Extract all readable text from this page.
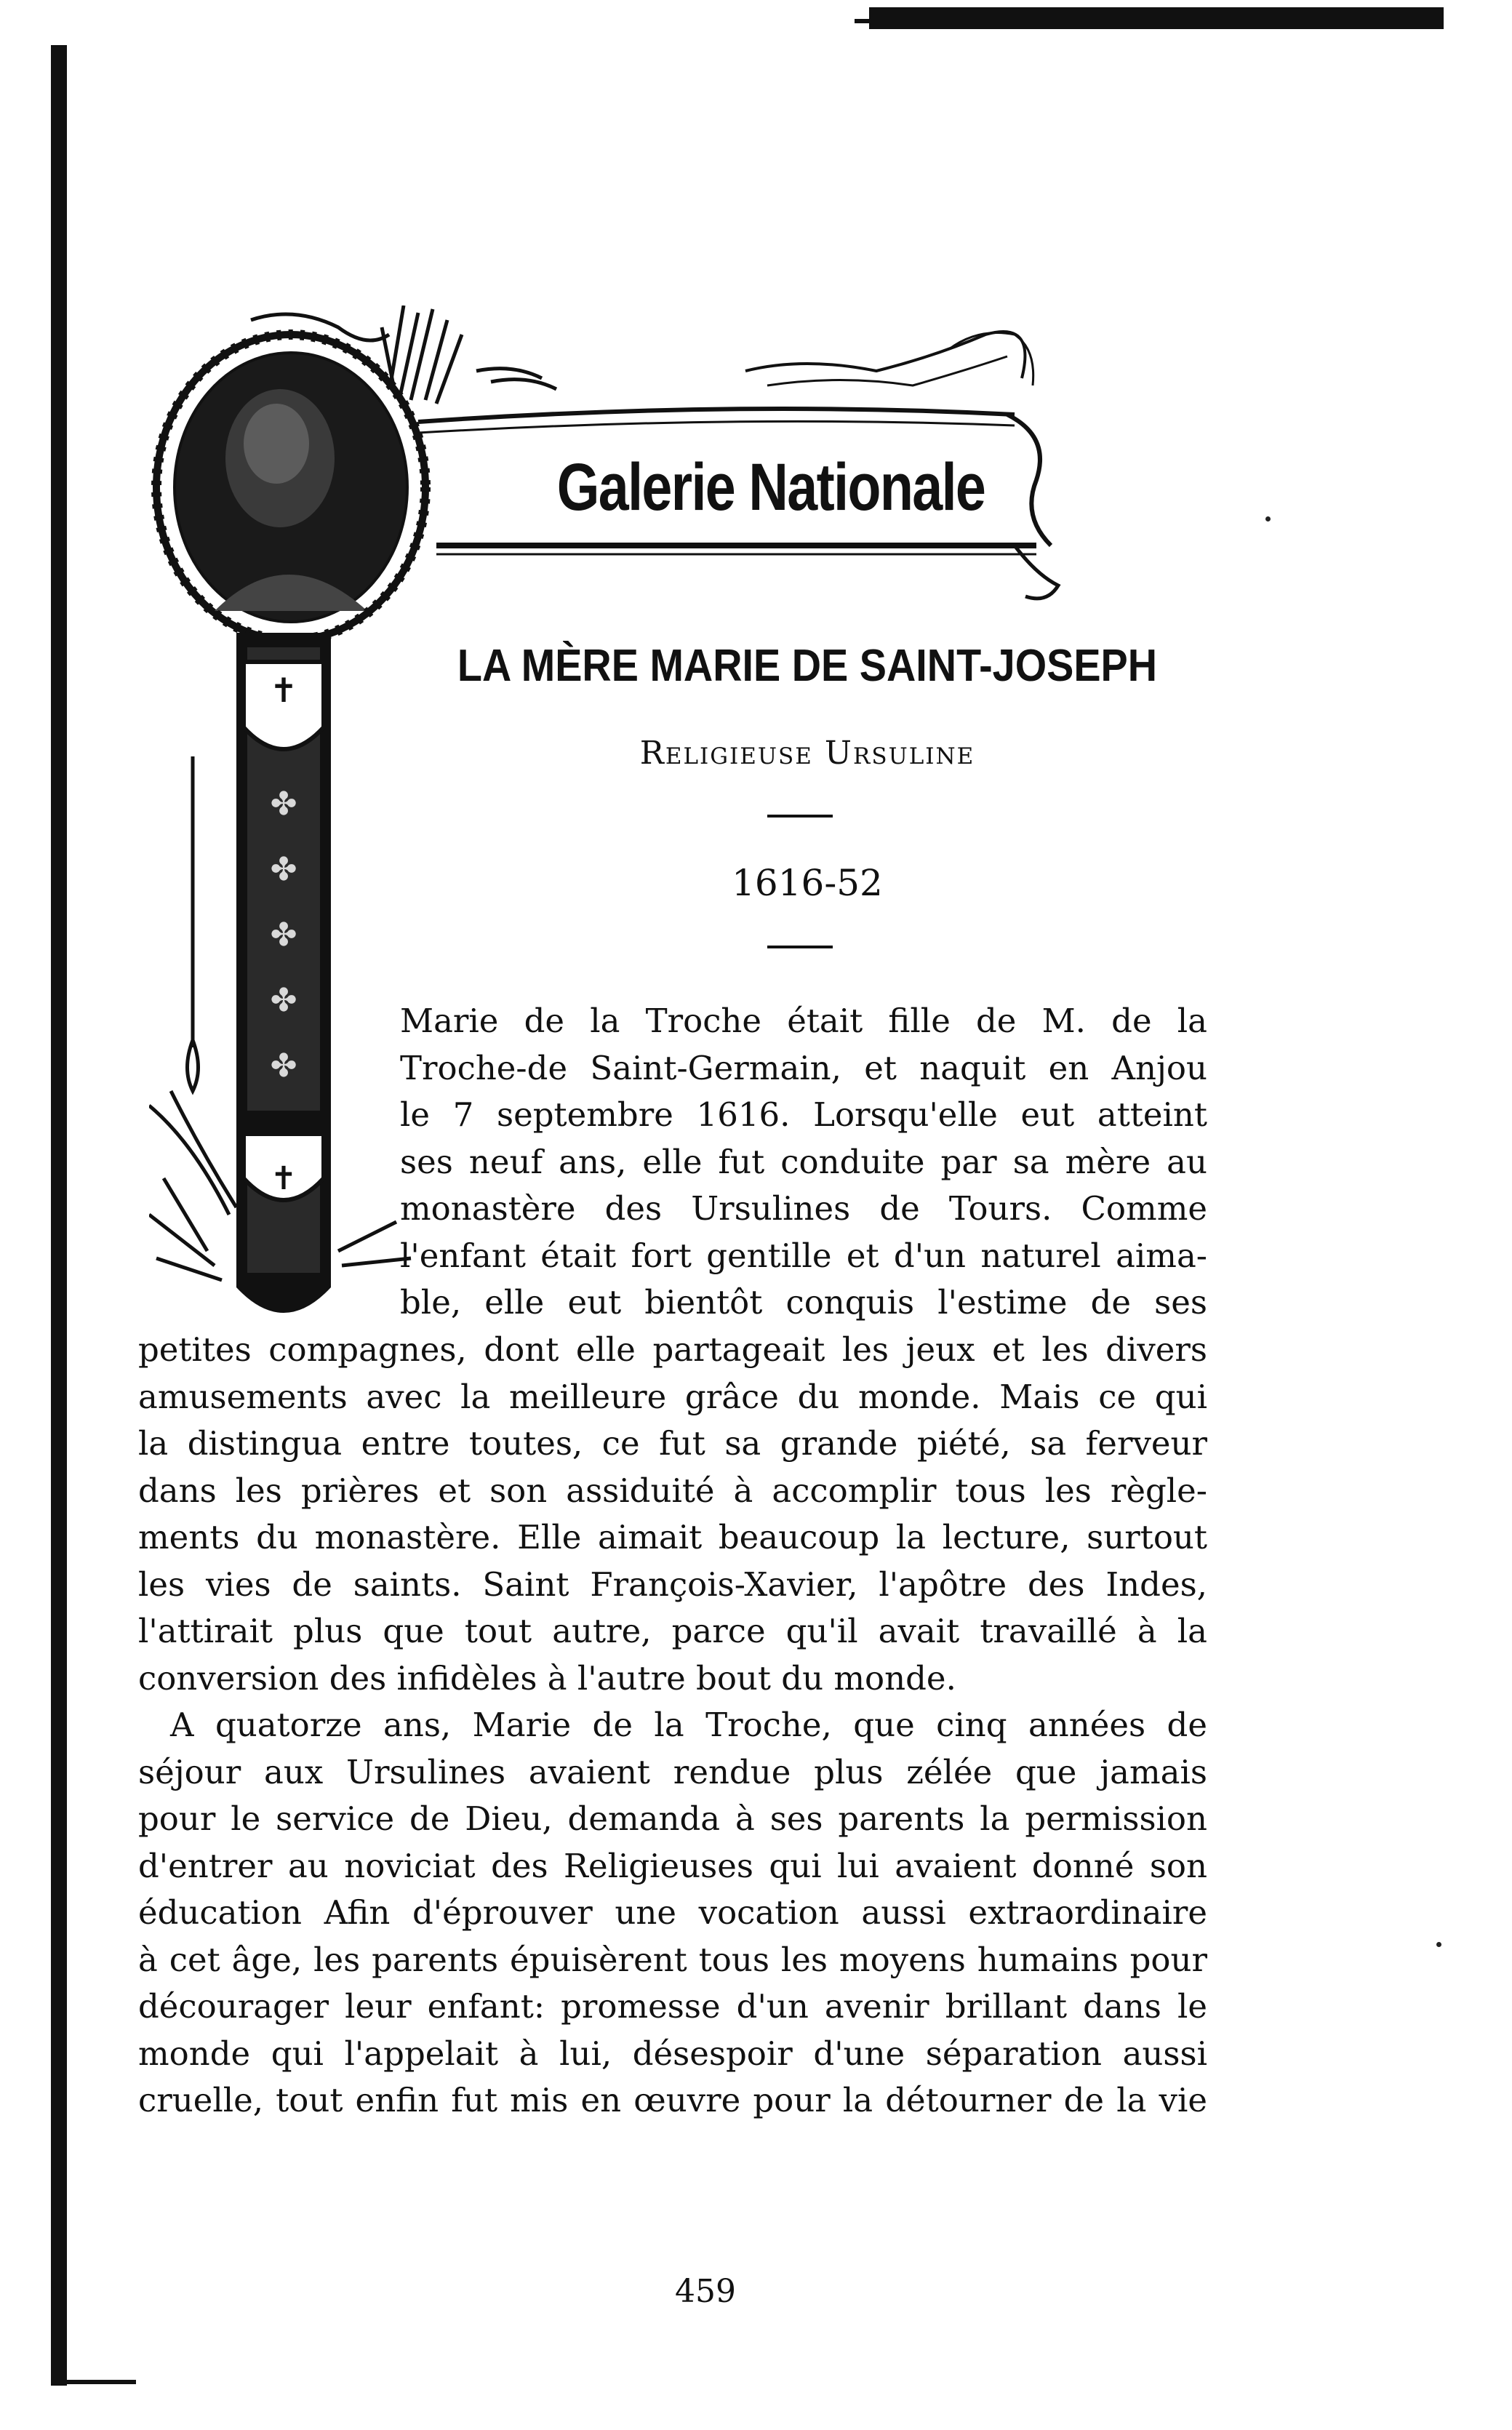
✝
✤
✤
✤
✤
✤
✝
Galerie Nationale
LA MÈRE MARIE DE SAINT-JOSEPH
Religieuse Ursuline
1616-52
Marie de la Troche était fille de M. de la
Troche-de Saint-Germain, et naquit en Anjou
le 7 septembre 1616. Lorsqu'elle eut atteint
ses neuf ans, elle fut conduite par sa mère au
monastère des Ursulines de Tours. Comme
l'enfant était fort gentille et d'un naturel aima-
ble, elle eut bientôt conquis l'estime de ses
petites compagnes, dont elle partageait les jeux et les divers
amusements avec la meilleure grâce du monde. Mais ce qui
la distingua entre toutes, ce fut sa grande piété, sa ferveur
dans les prières et son assiduité à accomplir tous les règle-
ments du monastère. Elle aimait beaucoup la lecture, surtout
les vies de saints. Saint François-Xavier, l'apôtre des Indes,
l'attirait plus que tout autre, parce qu'il avait travaillé à la
conversion des infidèles à l'autre bout du monde.
A quatorze ans, Marie de la Troche, que cinq années de
séjour aux Ursulines avaient rendue plus zélée que jamais
pour le service de Dieu, demanda à ses parents la permission
d'entrer au noviciat des Religieuses qui lui avaient donné son
éducation Afin d'éprouver une vocation aussi extraordinaire
à cet âge, les parents épuisèrent tous les moyens humains pour
décourager leur enfant: promesse d'un avenir brillant dans le
monde qui l'appelait à lui, désespoir d'une séparation aussi
cruelle, tout enfin fut mis en œuvre pour la détourner de la vie
459
